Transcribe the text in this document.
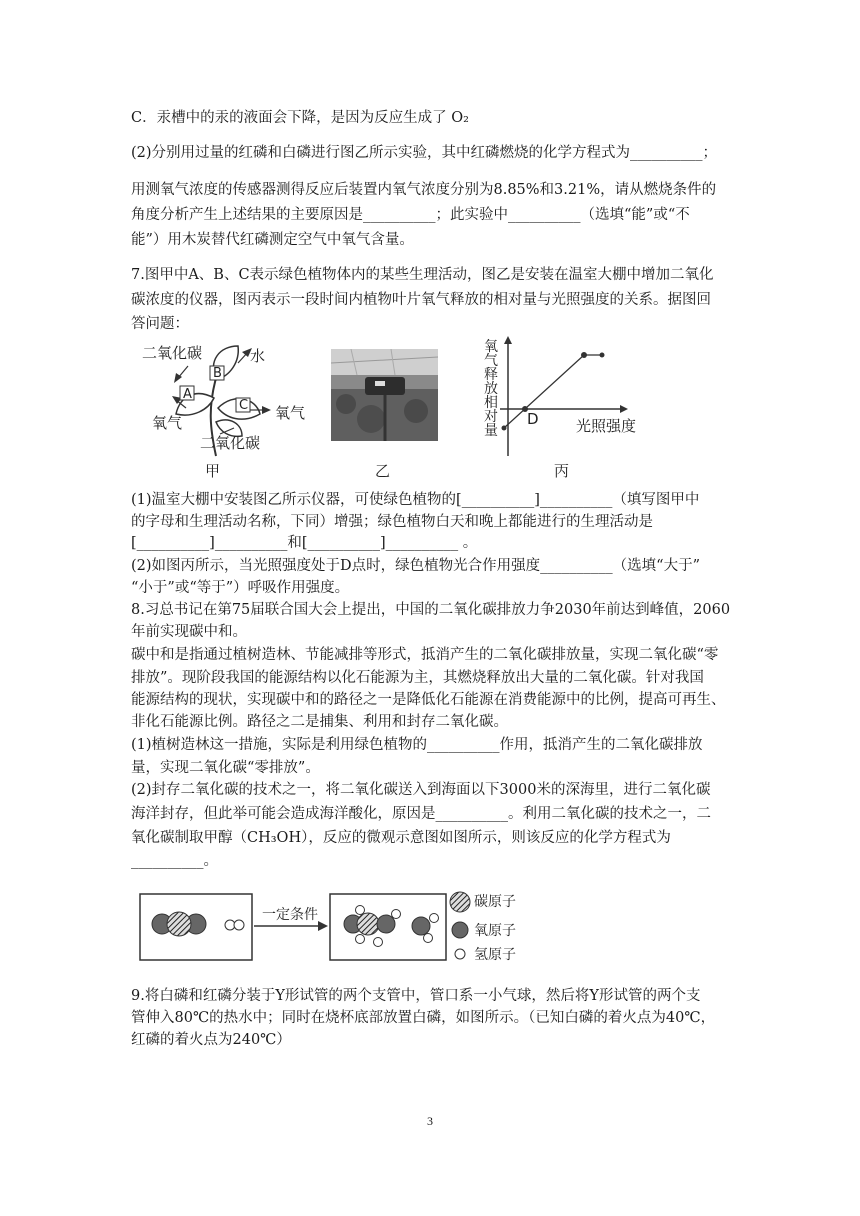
C．汞槽中的汞的液面会下降，是因为反应生成了 O₂
(2)分别用过量的红磷和白磷进行图乙所示实验，其中红磷燃烧的化学方程式为__________；
用测氧气浓度的传感器测得反应后装置内氧气浓度分别为8.85%和3.21%，请从燃烧条件的
角度分析产生上述结果的主要原因是__________；此实验中__________（选填“能”或“不
能”）用木炭替代红磷测定空气中氧气含量。
7.图甲中A、B、C表示绿色植物体内的某些生理活动，图乙是安装在温室大棚中增加二氧化
碳浓度的仪器，图丙表示一段时间内植物叶片氧气释放的相对量与光照强度的关系。据图回
答问题：
二氧化碳	水
氧气
二氧化碳
氧气
A
B
C
甲	乙
氧气释放相对量	光照强度
D
丙
(1)温室大棚中安装图乙所示仪器，可使绿色植物的[__________]__________（填写图甲中
的字母和生理活动名称，下同）增强；绿色植物白天和晚上都能进行的生理活动是
[__________]__________和[__________]__________ 。
(2)如图丙所示，当光照强度处于D点时，绿色植物光合作用强度__________（选填“大于”
“小于”或“等于”）呼吸作用强度。
8.习总书记在第75届联合国大会上提出，中国的二氧化碳排放力争2030年前达到峰值，2060
年前实现碳中和。
碳中和是指通过植树造林、节能减排等形式，抵消产生的二氧化碳排放量，实现二氧化碳“零
排放”。现阶段我国的能源结构以化石能源为主，其燃烧释放出大量的二氧化碳。针对我国
能源结构的现状，实现碳中和的路径之一是降低化石能源在消费能源中的比例，提高可再生、
非化石能源比例。路径之二是捕集、利用和封存二氧化碳。
(1)植树造林这一措施，实际是利用绿色植物的__________作用，抵消产生的二氧化碳排放
量，实现二氧化碳“零排放”。
(2)封存二氧化碳的技术之一，将二氧化碳送入到海面以下3000米的深海里，进行二氧化碳
海洋封存，但此举可能会造成海洋酸化，原因是__________。利用二氧化碳的技术之一，二
氧化碳制取甲醇（CH₃OH），反应的微观示意图如图所示，则该反应的化学方程式为
__________。
一定条件
碳原子
氧原子
氢原子
9.将白磷和红磷分装于Y形试管的两个支管中，管口系一小气球，然后将Y形试管的两个支
管伸入80℃的热水中；同时在烧杯底部放置白磷，如图所示。（已知白磷的着火点为40℃，
红磷的着火点为240℃）
3
